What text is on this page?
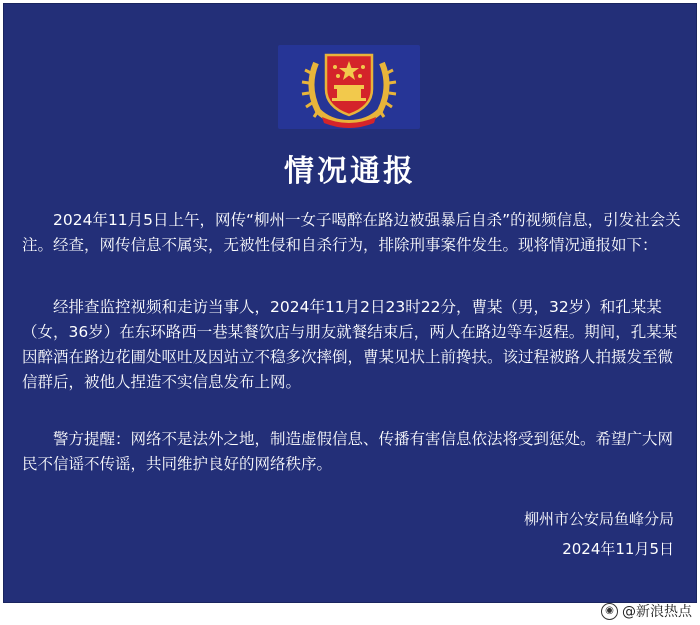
情况通报

2024年11月5日上午，网传“柳州一女子喝醉在路边被强暴后自杀”的视频信息，引发社会关注。经查，网传信息不属实，无被性侵和自杀行为，排除刑事案件发生。现将情况通报如下：

经排查监控视频和走访当事人，2024年11月2日23时22分，曹某（男，32岁）和孔某某（女，36岁）在东环路西一巷某餐饮店与朋友就餐结束后，两人在路边等车返程。期间，孔某某因醉酒在路边花圃处呕吐及因站立不稳多次摔倒，曹某见状上前搀扶。该过程被路人拍摄发至微信群后，被他人捏造不实信息发布上网。

警方提醒：网络不是法外之地，制造虚假信息、传播有害信息依法将受到惩处。希望广大网民不信谣不传谣，共同维护良好的网络秩序。

柳州市公安局鱼峰分局
2024年11月5日
◉ @新浪热点
